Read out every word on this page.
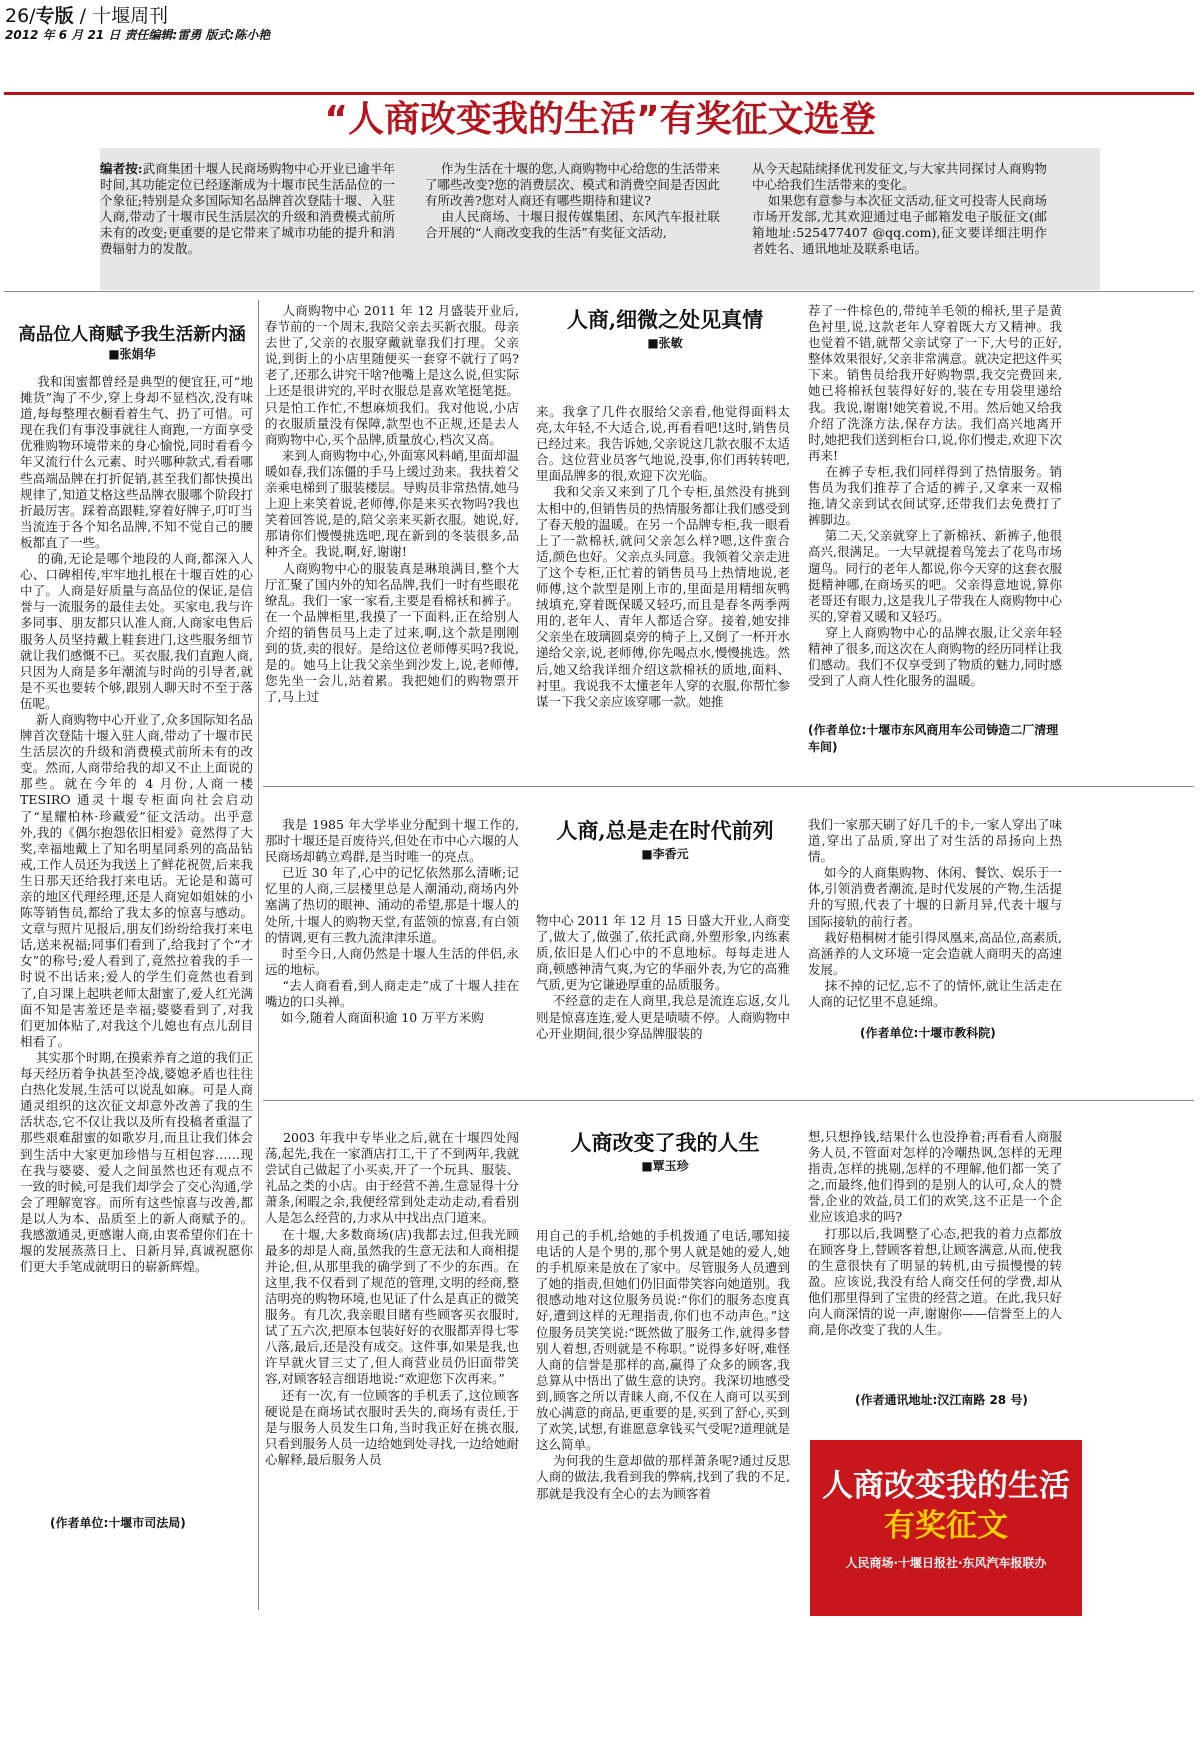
26/专版 / 十堰周刊
2012 年 6 月 21 日 责任编辑:雷勇 版式:陈小艳
“人商改变我的生活”有奖征文选登

编者按:武商集团十堰人民商场购物中心开业已逾半年时间,其功能定位已经逐渐成为十堰市民生活品位的一个象征;特别是众多国际知名品牌首次登陆十堰、入驻人商,带动了十堰市民生活层次的升级和消费模式前所未有的改变;更重要的是它带来了城市功能的提升和消费辐射力的发散。

作为生活在十堰的您,人商购物中心给您的生活带来了哪些改变?您的消费层次、模式和消费空间是否因此有所改善?您对人商还有哪些期待和建议?
由人民商场、十堰日报传媒集团、东风汽车报社联合开展的“人商改变我的生活”有奖征文活动,

从今天起陆续择优刊发征文,与大家共同探讨人商购物中心给我们生活带来的变化。
如果您有意参与本次征文活动,征文可投寄人民商场市场开发部,尤其欢迎通过电子邮箱发电子版征文(邮箱地址:525477407 @qq.com),征文要详细注明作者姓名、通讯地址及联系电话。

高品位人商赋予我生活新内涵
■张娟华

我和闺蜜都曾经是典型的便宜狂,可“地摊货”淘了不少,穿上身却不显档次,没有味道,每每整理衣橱看着生气、扔了可惜。可现在我们有事没事就往人商跑,一方面享受优雅购物环境带来的身心愉悦,同时看看今年又流行什么元素、时兴哪种款式,看看哪些高端品牌在打折促销,甚至我们都快摸出规律了,知道艾格这些品牌衣服哪个阶段打折最厉害。踩着高跟鞋,穿着好牌子,叮叮当当流连于各个知名品牌,不知不觉自己的腰板都直了一些。
的确,无论是哪个地段的人商,都深入人心、口碑相传,牢牢地扎根在十堰百姓的心中了。人商是好质量与高品位的保证,是信誉与一流服务的最佳去处。买家电,我与许多同事、朋友都只认准人商,人商家电售后服务人员坚持戴上鞋套进门,这些服务细节就让我们感慨不已。买衣服,我们直跑人商,只因为人商是多年潮流与时尚的引导者,就是不买也要转个够,跟别人聊天时不至于落伍呢。
新人商购物中心开业了,众多国际知名品牌首次登陆十堰入驻人商,带动了十堰市民生活层次的升级和消费模式前所未有的改变。然而,人商带给我的却又不止上面说的那些。就在今年的 4 月份,人商一楼 TESIRO 通灵十堰专柜面向社会启动了“星耀柏林·珍藏爱”征文活动。出乎意外,我的《偶尔抱怨依旧相爱》竟然得了大奖,幸福地戴上了知名明星同系列的高品钻戒,工作人员还为我送上了鲜花祝贺,后来我生日那天还给我打来电话。无论是和蔼可亲的地区代理经理,还是人商宛如姐妹的小陈等销售员,都给了我太多的惊喜与感动。文章与照片见报后,朋友们纷纷给我打来电话,送来祝福;同事们看到了,给我封了个“才女”的称号;爱人看到了,竟然拉着我的手一时说不出话来;爱人的学生们竟然也看到了,自习课上起哄老师太甜蜜了,爱人红光满面不知是害羞还是幸福;婆婆看到了,对我们更加体贴了,对我这个儿媳也有点儿刮目相看了。
其实那个时期,在摸索养育之道的我们正每天经历着争执甚至冷战,婆媳矛盾也往往白热化发展,生活可以说乱如麻。可是人商通灵组织的这次征文却意外改善了我的生活状态,它不仅让我以及所有投稿者重温了那些艰难甜蜜的如歌岁月,而且让我们体会到生活中大家更加珍惜与互相包容……现在我与婆婆、爱人之间虽然也还有观点不一致的时候,可是我们却学会了交心沟通,学会了理解宽容。而所有这些惊喜与改善,都是以人为本、品质至上的新人商赋予的。我感激通灵,更感谢人商,由衷希望你们在十堰的发展蒸蒸日上、日新月异,真诚祝愿你们更大手笔成就明日的崭新辉煌。

(作者单位:十堰市司法局)
人商,细微之处见真情
■张敏

人商购物中心 2011 年 12 月盛装开业后,春节前的一个周末,我陪父亲去买新衣服。母亲去世了,父亲的衣服穿戴就靠我们打理。父亲说,到街上的小店里随便买一套穿不就行了吗?老了,还那么讲究干啥?他嘴上是这么说,但实际上还是很讲究的,平时衣服总是喜欢笔挺笔挺。只是怕工作忙,不想麻烦我们。我对他说,小店的衣服质量没有保障,款型也不正规,还是去人商购物中心,买个品牌,质量放心,档次又高。
来到人商购物中心,外面寒风料峭,里面却温暖如春,我们冻僵的手马上缓过劲来。我扶着父亲乘电梯到了服装楼层。导购员非常热情,她马上迎上来笑着说,老师傅,你是来买衣物吗?我也笑着回答说,是的,陪父亲来买新衣服。她说,好,那请你们慢慢挑选吧,现在新到的冬装很多,品种齐全。我说,啊,好,谢谢!
人商购物中心的服装真是琳琅满目,整个大厅汇聚了国内外的知名品牌,我们一时有些眼花缭乱。我们一家一家看,主要是看棉袄和裤子。在一个品牌柜里,我摸了一下面料,正在给别人介绍的销售员马上走了过来,啊,这个款是刚刚到的货,卖的很好。是给这位老师傅买吗?我说,是的。她马上让我父亲坐到沙发上,说,老师傅,您先坐一会儿,站着累。我把她们的购物票开了,马上过

来。我拿了几件衣服给父亲看,他觉得面料太亮,太年轻,不大适合,说,再看看吧!这时,销售员已经过来。我告诉她,父亲说这几款衣服不太适合。这位营业员客气地说,没事,你们再转转吧,里面品牌多的很,欢迎下次光临。
我和父亲又来到了几个专柜,虽然没有挑到太相中的,但销售员的热情服务都让我们感受到了春天般的温暖。在另一个品牌专柜,我一眼看上了一款棉袄,就问父亲怎么样?嗯,这件蛮合适,颜色也好。父亲点头同意。我领着父亲走进了这个专柜,正忙着的销售员马上热情地说,老师傅,这个款型是刚上市的,里面是用精细灰鸭绒填充,穿着既保暖又轻巧,而且是春冬两季两用的,老年人、青年人都适合穿。接着,她安排父亲坐在玻璃圆桌旁的椅子上,又倒了一杯开水递给父亲,说,老师傅,你先喝点水,慢慢挑选。然后,她又给我详细介绍这款棉袄的质地,面料、衬里。我说我不太懂老年人穿的衣服,你帮忙参谋一下我父亲应该穿哪一款。她推

荐了一件棕色的,带纯羊毛领的棉袄,里子是黄色衬里,说,这款老年人穿着既大方又精神。我也觉着不错,就帮父亲试穿了一下,大号的正好,整体效果很好,父亲非常满意。就决定把这件买下来。销售员给我开好购物票,我交完费回来,她已将棉袄包装得好好的,装在专用袋里递给我。我说,谢谢!她笑着说,不用。然后她又给我介绍了洗涤方法,保存方法。我们高兴地离开时,她把我们送到柜台口,说,你们慢走,欢迎下次再来!
在裤子专柜,我们同样得到了热情服务。销售员为我们推荐了合适的裤子,又拿来一双棉拖,请父亲到试衣间试穿,还带我们去免费打了裤脚边。
第二天,父亲就穿上了新棉袄、新裤子,他很高兴,很满足。一大早就提着鸟笼去了花鸟市场遛鸟。同行的老年人都说,你今天穿的这套衣服挺精神哪,在商场买的吧。父亲得意地说,算你老哥还有眼力,这是我儿子带我在人商购物中心买的,穿着又暖和又轻巧。
穿上人商购物中心的品牌衣服,让父亲年轻精神了很多,而这次在人商购物的经历同样让我们感动。我们不仅享受到了物质的魅力,同时感受到了人商人性化服务的温暖。

(作者单位:十堰市东风商用车公司铸造二厂清理车间)
人商,总是走在时代前列
■李香元

我是 1985 年大学毕业分配到十堰工作的,那时十堰还是百废待兴,但处在市中心六堰的人民商场却鹤立鸡群,是当时唯一的亮点。
已近 30 年了,心中的记忆依然那么清晰;记忆里的人商,三层楼里总是人潮涌动,商场内外塞满了热切的眼神、涌动的希望,那是十堰人的处所,十堰人的购物天堂,有蓝领的惊喜,有白领的情调,更有三教九流津津乐道。
时至今日,人商仍然是十堰人生活的伴侣,永远的地标。
“去人商看看,到人商走走”成了十堰人挂在嘴边的口头禅。
如今,随着人商面积逾 10 万平方米购

物中心 2011 年 12 月 15 日盛大开业,人商变了,做大了,做强了,依托武商,外塑形象,内练素质,依旧是人们心中的不息地标。每每走进人商,顿感神清气爽,为它的华丽外表,为它的高雅气质,更为它谦逊厚重的品质服务。
不经意的走在人商里,我总是流连忘返,女儿则是惊喜连连,爱人更是啧啧不停。人商购物中心开业期间,很少穿品牌服装的

我们一家那天刷了好几千的卡,一家人穿出了味道,穿出了品质,穿出了对生活的昂扬向上热情。
如今的人商集购物、休闲、餐饮、娱乐于一体,引领消费者潮流,是时代发展的产物,生活提升的写照,代表了十堰的日新月异,代表十堰与国际接轨的前行者。
栽好梧桐树才能引得凤凰来,高品位,高素质,高涵养的人文环境一定会造就人商明天的高速发展。
抹不掉的记忆,忘不了的情怀,就让生活走在人商的记忆里不息延绵。

(作者单位:十堰市教科院)
人商改变了我的人生
■覃玉珍

2003 年我中专毕业之后,就在十堰四处闯荡,起先,我在一家酒店打工,干了不到两年,我就尝试自己做起了小买卖,开了一个玩具、服装、礼品之类的小店。由于经营不善,生意显得十分萧条,闲暇之余,我便经常到处走动走动,看看别人是怎么经营的,力求从中找出点门道来。
在十堰,大多数商场(店)我都去过,但我光顾最多的却是人商,虽然我的生意无法和人商相提并论,但,从那里我的确学到了不少的东西。在这里,我不仅看到了规范的管理,文明的经商,整洁明亮的购物环境,也见证了什么是真正的微笑服务。有几次,我亲眼目睹有些顾客买衣服时,试了五六次,把原本包装好好的衣服都弄得七零八落,最后,还是没有成交。这件事,如果是我,也许早就火冒三丈了,但人商营业员仍旧面带笑容,对顾客轻言细语地说:“欢迎您下次再来。”
还有一次,有一位顾客的手机丢了,这位顾客硬说是在商场试衣服时丢失的,商场有责任,于是与服务人员发生口角,当时我正好在挑衣服,只看到服务人员一边给她到处寻找,一边给她耐心解释,最后服务人员

用自己的手机,给她的手机拨通了电话,哪知接电话的人是个男的,那个男人就是她的爱人,她的手机原来是放在了家中。尽管服务人员遭到了她的指责,但她们仍旧面带笑容向她道别。我很感动地对这位服务员说:“你们的服务态度真好,遭到这样的无理指责,你们也不动声色。”这位服务员笑笑说:“既然做了服务工作,就得多替别人着想,否则就是不称职。”说得多好呀,难怪人商的信誉是那样的高,赢得了众多的顾客,我总算从中悟出了做生意的诀窍。我深切地感受到,顾客之所以青睐人商,不仅在人商可以买到放心满意的商品,更重要的是,买到了舒心,买到了欢笑,试想,有谁愿意拿钱买气受呢?道理就是这么简单。
为何我的生意却做的那样萧条呢?通过反思人商的做法,我看到我的弊病,找到了我的不足,那就是我没有全心的去为顾客着

想,只想挣钱,结果什么也没挣着;再看看人商服务人员,不管面对怎样的冷嘲热讽,怎样的无理指责,怎样的挑剔,怎样的不理解,他们都一笑了之,而最终,他们得到的是别人的认可,众人的赞誉,企业的效益,员工们的欢笑,这不正是一个企业应该追求的吗?
打那以后,我调整了心态,把我的着力点都放在顾客身上,替顾客着想,让顾客满意,从而,使我的生意很快有了明显的转机,由亏损慢慢的转盈。应该说,我没有给人商交任何的学费,却从他们那里得到了宝贵的经营之道。在此,我只好向人商深情的说一声,谢谢你——信誉至上的人商,是你改变了我的人生。

(作者通讯地址:汉江南路 28 号)
人商改变我的生活
有奖征文
人民商场·十堰日报社·东风汽车报联办
